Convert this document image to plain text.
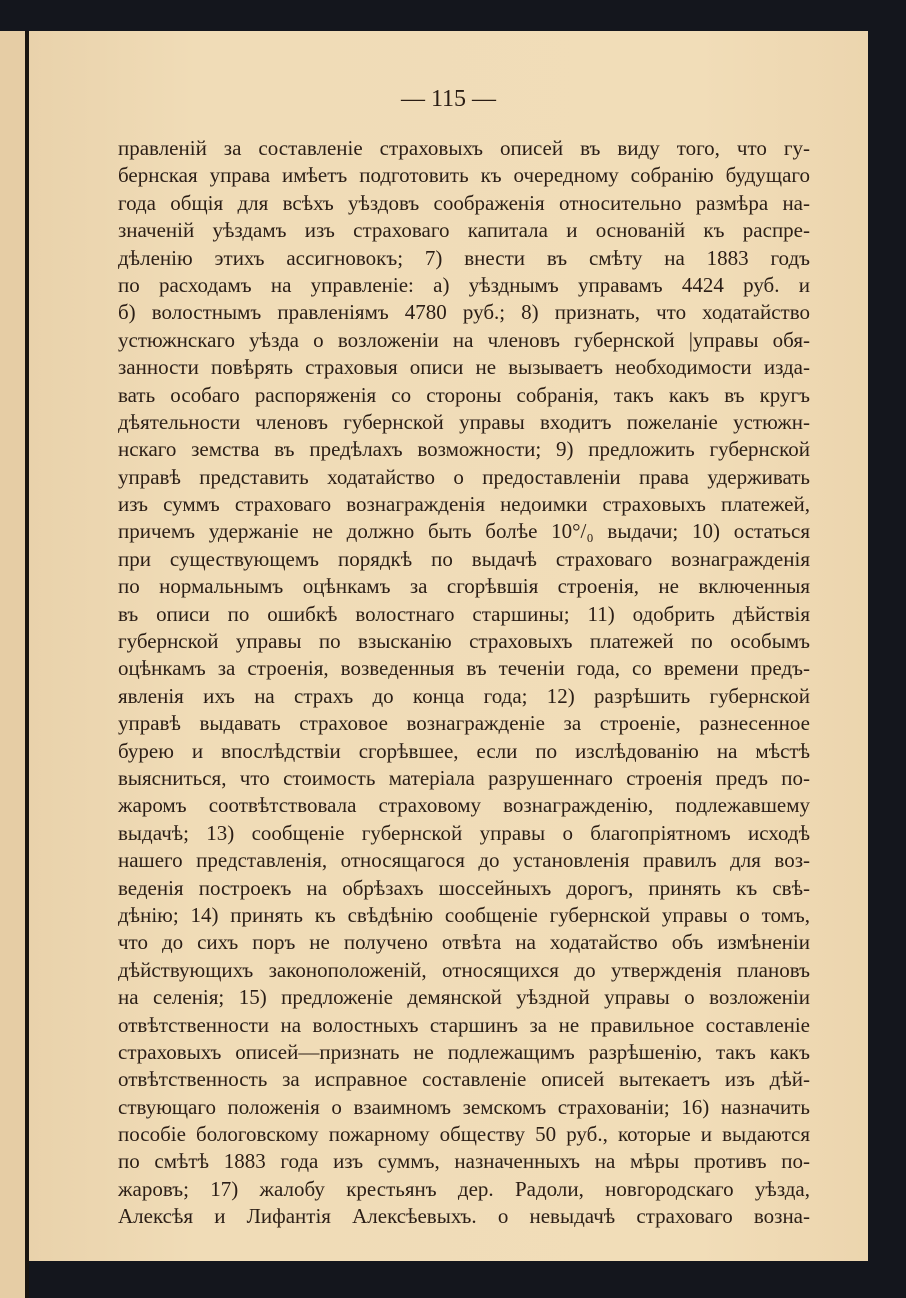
— 115 —
правленій за составленіе страховыхъ описей въ виду того, что гу-
бернская управа имѣетъ подготовить къ очередному собранію будущаго
года общія для всѣхъ уѣздовъ соображенія относительно размѣра на-
значеній уѣздамъ изъ страховаго капитала и основаній къ распре-
дѣленію этихъ ассигновокъ; 7) внести въ смѣту на 1883 годъ
по расходамъ на управленіе: а) уѣзднымъ управамъ 4424 руб. и
б) волостнымъ правленіямъ 4780 руб.; 8) признать, что ходатайство
устюжнскаго уѣзда о возложеніи на членовъ губернской |управы обя-
занности повѣрять страховыя описи не вызываетъ необходимости изда-
вать особаго распоряженія со стороны собранія, такъ какъ въ кругъ
дѣятельности членовъ губернской управы входитъ пожеланіе устюжн-
нскаго земства въ предѣлахъ возможности; 9) предложить губернской
управѣ представить ходатайство о предоставленіи права удерживать
изъ суммъ страховаго вознагражденія недоимки страховыхъ платежей,
причемъ удержаніе не должно быть болѣе 10°/₀ выдачи; 10) остаться
при существующемъ порядкѣ по выдачѣ страховаго вознагражденія
по нормальнымъ оцѣнкамъ за сгорѣвшія строенія, не включенныя
въ описи по ошибкѣ волостнаго старшины; 11) одобрить дѣйствія
губернской управы по взысканію страховыхъ платежей по особымъ
оцѣнкамъ за строенія, возведенныя въ теченіи года, со времени предъ-
явленія ихъ на страхъ до конца года; 12) разрѣшить губернской
управѣ выдавать страховое вознагражденіе за строеніе, разнесенное
бурею и впослѣдствіи сгорѣвшее, если по изслѣдованію на мѣстѣ
выясниться, что стоимость матеріала разрушеннаго строенія предъ по-
жаромъ соотвѣтствовала страховому вознагражденію, подлежавшему
выдачѣ; 13) сообщеніе губернской управы о благопріятномъ исходѣ
нашего представленія, относящагося до установленія правилъ для воз-
веденія построекъ на обрѣзахъ шоссейныхъ дорогъ, принять къ свѣ-
дѣнію; 14) принять къ свѣдѣнію сообщеніе губернской управы о томъ,
что до сихъ поръ не получено отвѣта на ходатайство объ измѣненіи
дѣйствующихъ законоположеній, относящихся до утвержденія плановъ
на селенія; 15) предложеніе демянской уѣздной управы о возложеніи
отвѣтственности на волостныхъ старшинъ за не правильное составленіе
страховыхъ описей—признать не подлежащимъ разрѣшенію, такъ какъ
отвѣтственность за исправное составленіе описей вытекаетъ изъ дѣй-
ствующаго положенія о взаимномъ земскомъ страхованіи; 16) назначить
пособіе бологовскому пожарному обществу 50 руб., которые и выдаются
по смѣтѣ 1883 года изъ суммъ, назначенныхъ на мѣры противъ по-
жаровъ; 17) жалобу крестьянъ дер. Радоли, новгородскаго уѣзда,
Алексѣя и Лифантія Алексѣевыхъ. о невыдачѣ страховаго возна-
